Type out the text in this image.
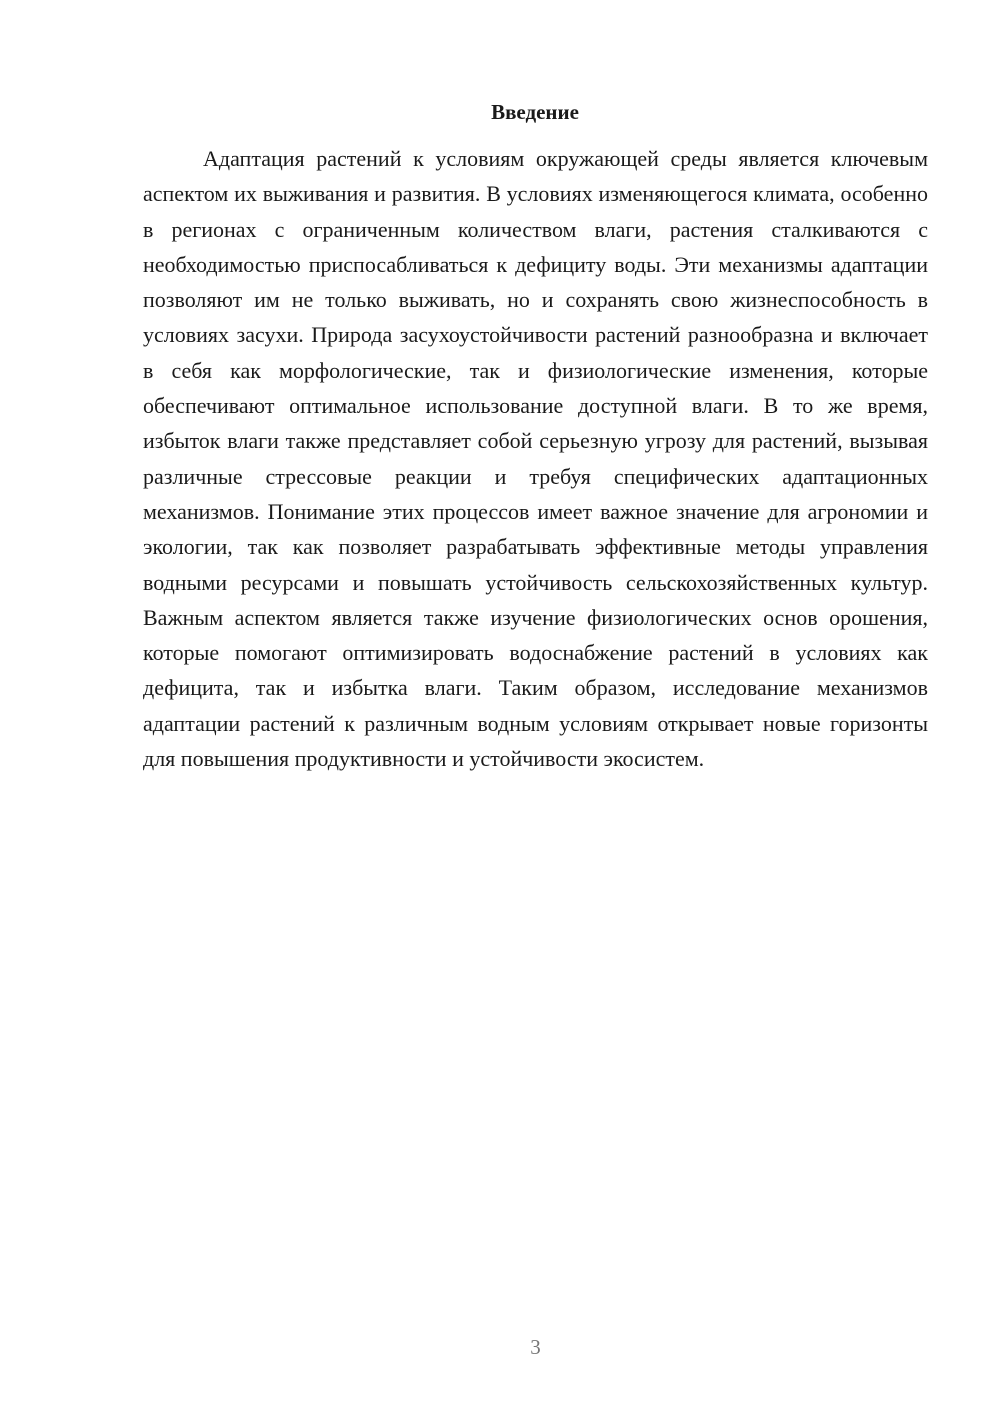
Введение

Адаптация растений к условиям окружающей среды является ключевым аспектом их выживания и развития. В условиях изменяющегося климата, особенно в регионах с ограниченным количеством влаги, растения сталкиваются с необходимостью приспосабливаться к дефициту воды. Эти механизмы адаптации позволяют им не только выживать, но и сохранять свою жизнеспособность в условиях засухи. Природа засухоустойчивости растений разнообразна и включает в себя как морфологические, так и физиологические изменения, которые обеспечивают оптимальное использование доступной влаги. В то же время, избыток влаги также представляет собой серьезную угрозу для растений, вызывая различные стрессовые реакции и требуя специфических адаптационных механизмов. Понимание этих процессов имеет важное значение для агрономии и экологии, так как позволяет разрабатывать эффективные методы управления водными ресурсами и повышать устойчивость сельскохозяйственных культур. Важным аспектом является также изучение физиологических основ орошения, которые помогают оптимизировать водоснабжение растений в условиях как дефицита, так и избытка влаги. Таким образом, исследование механизмов адаптации растений к различным водным условиям открывает новые горизонты для повышения продуктивности и устойчивости экосистем.

3
